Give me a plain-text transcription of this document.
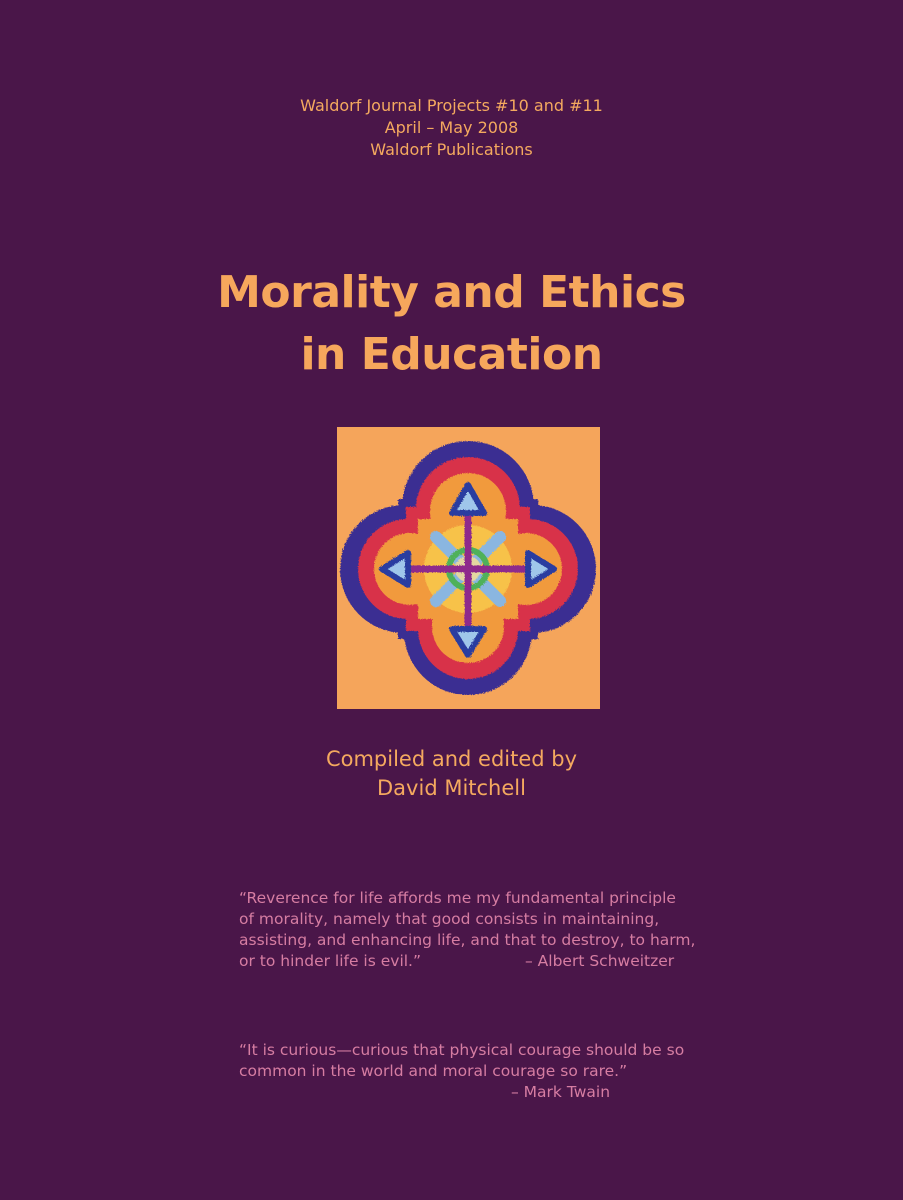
Waldorf Journal Projects #10 and #11
April – May 2008
Waldorf Publications
Morality and Ethics
in Education
Compiled and edited by
David Mitchell
“Reverence for life affords me my fundamental principle
of morality, namely that good consists in maintaining,
assisting, and enhancing life, and that to destroy, to harm,
or to hinder life is evil.”	– Albert Schweitzer
“It is curious—curious that physical courage should be so
common in the world and moral courage so rare.”
– Mark Twain
